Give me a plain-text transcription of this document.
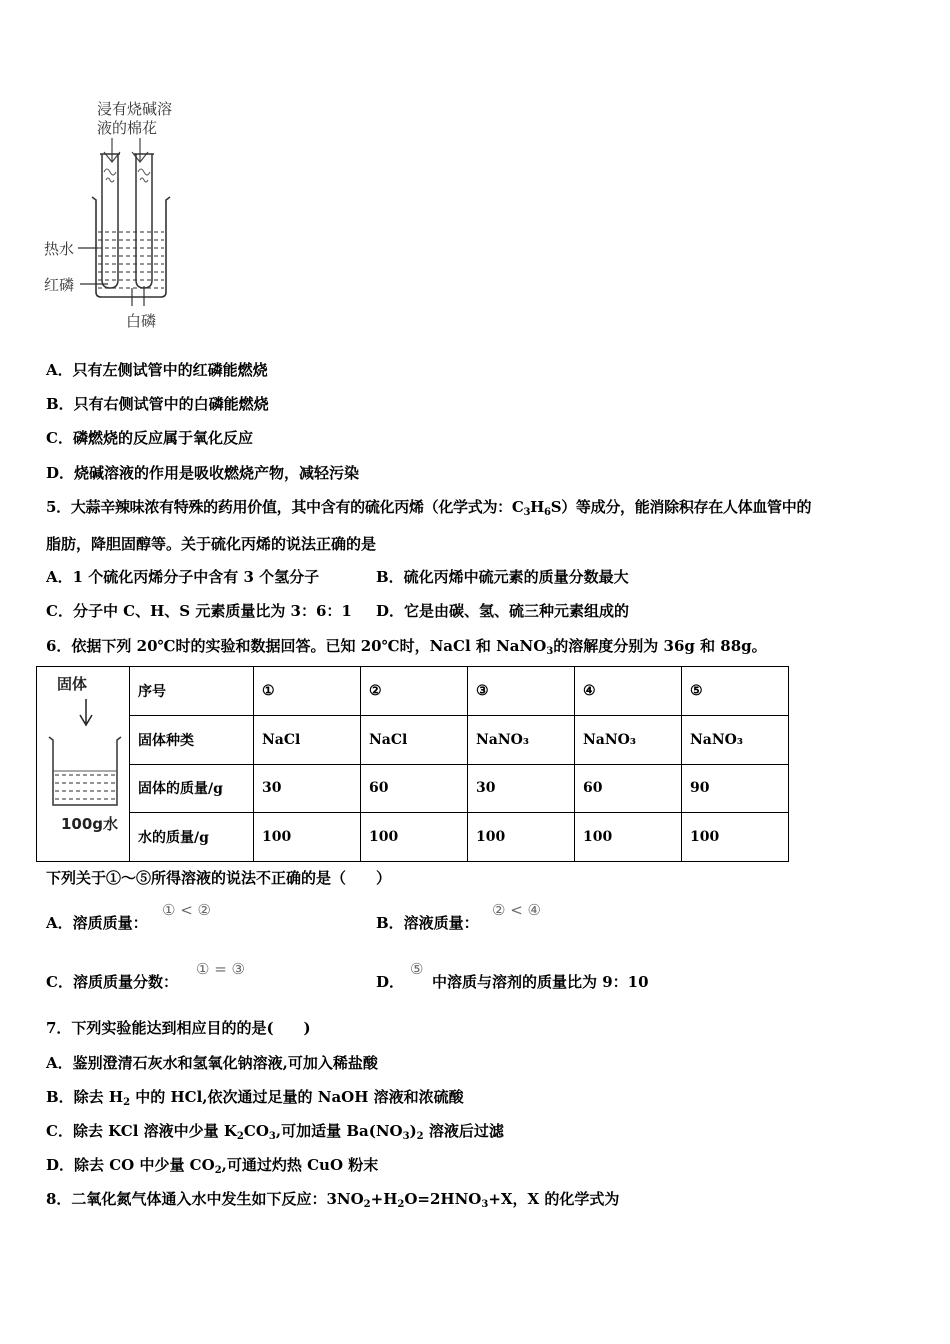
浸有烧碱溶
液的棉花
热水
红磷
白磷
A．只有左侧试管中的红磷能燃烧
B．只有右侧试管中的白磷能燃烧
C．磷燃烧的反应属于氧化反应
D．烧碱溶液的作用是吸收燃烧产物，减轻污染
5．大蒜辛辣味浓有特殊的药用价值，其中含有的硫化丙烯（化学式为：$C_3H_6S$）等成分，能消除积存在人体血管中的
脂肪，降胆固醇等。关于硫化丙烯的说法正确的是
A．1 个硫化丙烯分子中含有 3 个氢分子	B．硫化丙烯中硫元素的质量分数最大
C．分子中 C、H、S 元素质量比为 3：6：1 D．它是由碳、氢、硫三种元素组成的
6．依据下列 20℃时的实验和数据回答。已知 20℃时，NaCl 和 NaNO$_3$的溶解度分别为 36g 和 88g。
固体
100g水	序号	①	②	③	④	⑤
	固体种类	NaCl	NaCl	NaNO₃	NaNO₃	NaNO₃
	固体的质量/g	30	60	30	60	90
	水的质量/g	100	100	100	100	100
下列关于①～⑤所得溶液的说法不正确的是（　　）
A．溶质质量：
① < ②
B．溶液质量：
② < ④
C．溶质质量分数：
① = ③
D．
⑤
中溶质与溶剂的质量比为 9：10
7．下列实验能达到相应目的的是(　　)
A．鉴别澄清石灰水和氢氧化钠溶液,可加入稀盐酸
B．除去 $H_2$ 中的 HCl,依次通过足量的 NaOH 溶液和浓硫酸
C．除去 KCl 溶液中少量 $K_2CO_3$,可加适量 $Ba(NO_3)_2$ 溶液后过滤
D．除去 CO 中少量 $CO_2$,可通过灼热 CuO 粉末
8．二氧化氮气体通入水中发生如下反应：$3NO_2+H_2O=2HNO_3+X$，X 的化学式为
